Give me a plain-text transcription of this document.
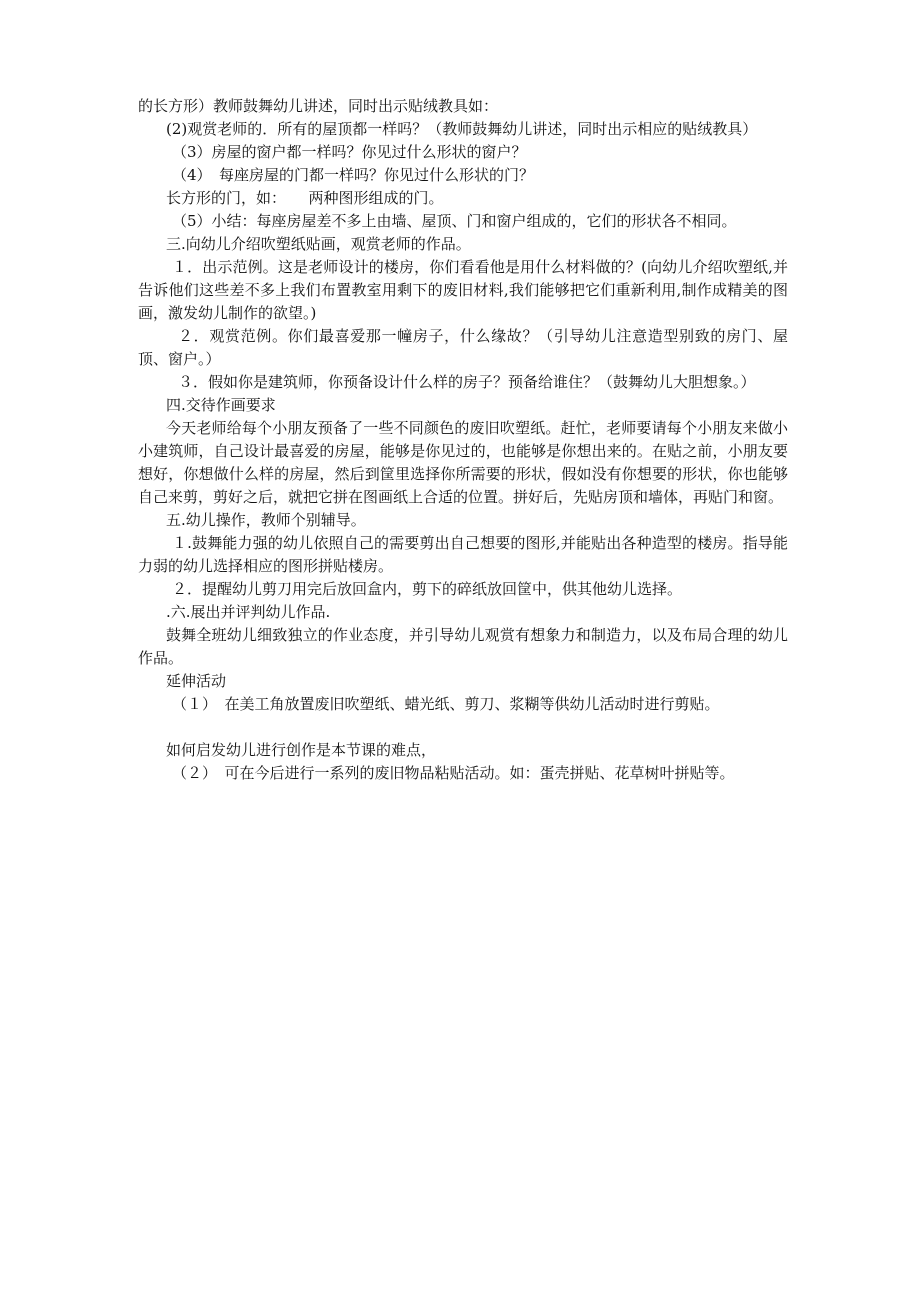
的长方形）教师鼓舞幼儿讲述，同时出示贴绒教具如：

(2)观赏老师的．所有的屋顶都一样吗？（教师鼓舞幼儿讲述，同时出示相应的贴绒教具）

（3）房屋的窗户都一样吗？你见过什么形状的窗户？

（4）　每座房屋的门都一样吗？你见过什么形状的门？

长方形的门，如：　　两种图形组成的门。

（5）小结：每座房屋差不多上由墙、屋顶、门和窗户组成的，它们的形状各不相同。

三.向幼儿介绍吹塑纸贴画，观赏老师的作品。

１．出示范例。这是老师设计的楼房，你们看看他是用什么材料做的？(向幼儿介绍吹塑纸,并告诉他们这些差不多上我们布置教室用剩下的废旧材料,我们能够把它们重新利用,制作成精美的图画，激发幼儿制作的欲望。)

２．观赏范例。你们最喜爱那一幢房子，什么缘故？（引导幼儿注意造型别致的房门、屋顶、窗户。）

３．假如你是建筑师，你预备设计什么样的房子？预备给谁住？（鼓舞幼儿大胆想象。）

四.交待作画要求

今天老师给每个小朋友预备了一些不同颜色的废旧吹塑纸。赶忙，老师要请每个小朋友来做小小建筑师，自己设计最喜爱的房屋，能够是你见过的，也能够是你想出来的。在贴之前，小朋友要想好，你想做什么样的房屋，然后到筐里选择你所需要的形状，假如没有你想要的形状，你也能够自己来剪，剪好之后，就把它拼在图画纸上合适的位置。拼好后，先贴房顶和墙体，再贴门和窗。

五.幼儿操作，教师个别辅导。

１.鼓舞能力强的幼儿依照自己的需要剪出自己想要的图形,并能贴出各种造型的楼房。指导能力弱的幼儿选择相应的图形拼贴楼房。

２．提醒幼儿剪刀用完后放回盒内，剪下的碎纸放回筐中，供其他幼儿选择。

.六.展出并评判幼儿作品.

鼓舞全班幼儿细致独立的作业态度，并引导幼儿观赏有想象力和制造力，以及布局合理的幼儿作品。

延伸活动

（１）　在美工角放置废旧吹塑纸、蜡光纸、剪刀、浆糊等供幼儿活动时进行剪贴。

如何启发幼儿进行创作是本节课的难点，

（２）　可在今后进行一系列的废旧物品粘贴活动。如：蛋壳拼贴、花草树叶拼贴等。
